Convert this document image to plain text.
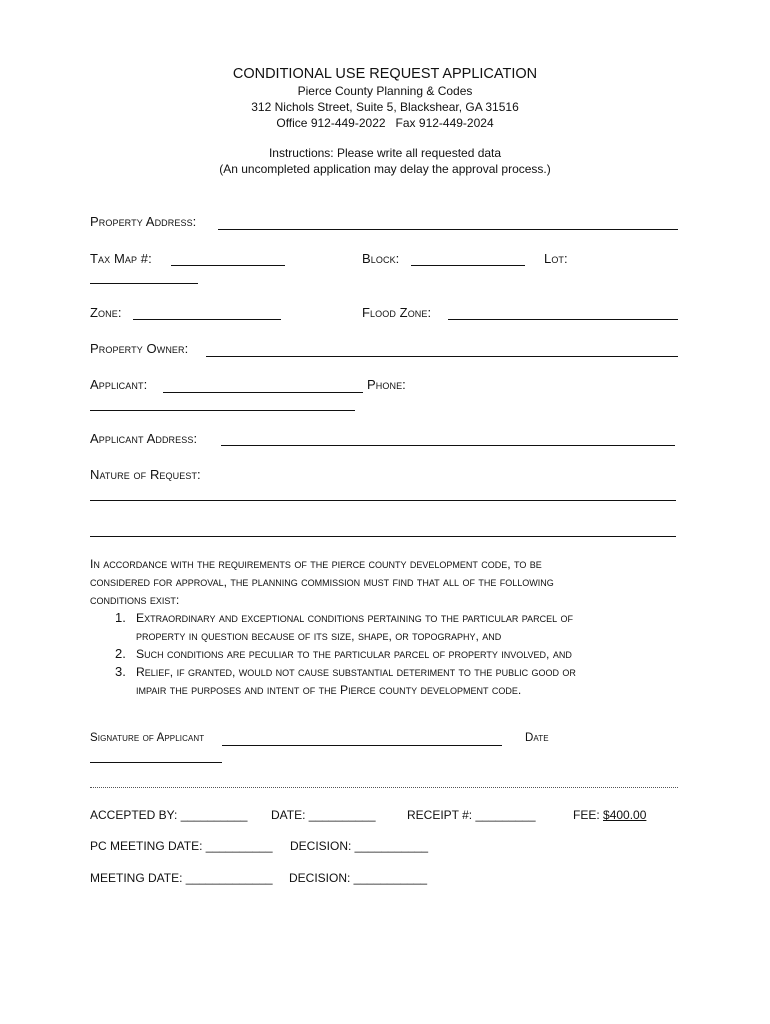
CONDITIONAL USE REQUEST APPLICATION
Pierce County Planning & Codes
312 Nichols Street, Suite 5, Blackshear, GA 31516
Office 912-449-2022   Fax 912-449-2024
Instructions: Please write all requested data
(An uncompleted application may delay the approval process.)
Property Address:
Tax Map #:	Block:	Lot:
Zone:	Flood Zone:
Property Owner:
Applicant:	Phone:
Applicant Address:
Nature of Request:
In accordance with the requirements of the pierce county development code, to be
considered for approval, the planning commission must find that all of the following
conditions exist:
1. Extraordinary and exceptional conditions pertaining to the particular parcel of
property in question because of its size, shape, or topography, and
2. Such conditions are peculiar to the particular parcel of property involved, and
3. Relief, if granted, would not cause substantial deteriment to the public good or
impair the purposes and intent of the Pierce county development code.
Signature of Applicant	Date
ACCEPTED BY: __________ DATE: __________	RECEIPT #: _________	FEE: $400.00
PC MEETING DATE: __________ DECISION: ___________
MEETING DATE: _____________ DECISION: ___________
